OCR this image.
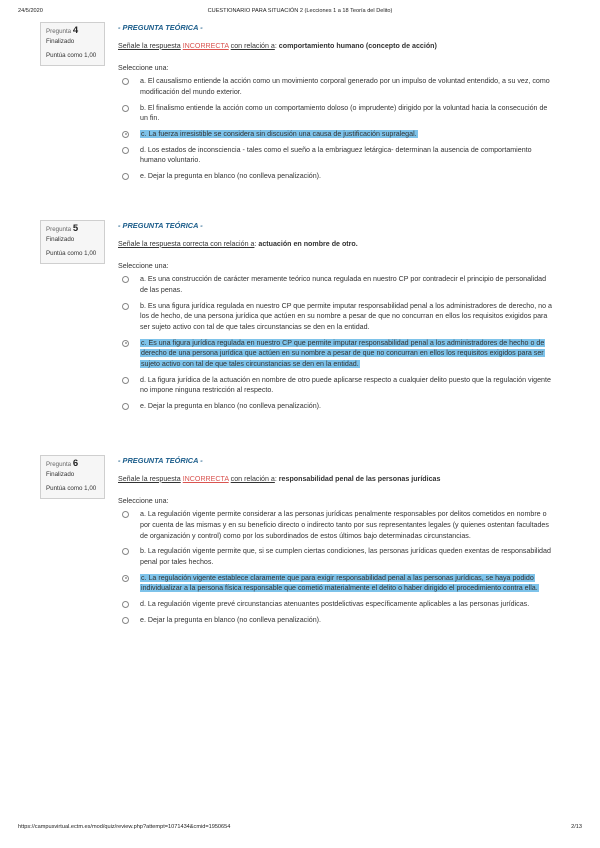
24/5/2020	CUESTIONARIO PARA SITUACIÓN 2 (Lecciones 1 a 18 Teoría del Delito)
Pregunta 4
Finalizado
Puntúa como 1,00
- PREGUNTA TEÓRICA -
Señale la respuesta INCORRECTA con relación a: comportamiento humano (concepto de acción)
Seleccione una:
a. El causalismo entiende la acción como un movimiento corporal generado por un impulso de voluntad entendido, a su vez, como modificación del mundo exterior.
b. El finalismo entiende la acción como un comportamiento doloso (o imprudente) dirigido por la voluntad hacia la consecución de un fin.
c. La fuerza irresistible se considera sin discusión una causa de justificación supralegal.
d. Los estados de inconsciencia - tales como el sueño a la embriaguez letárgica- determinan la ausencia de comportamiento humano voluntario.
e. Dejar la pregunta en blanco (no conlleva penalización).
Pregunta 5
Finalizado
Puntúa como 1,00
- PREGUNTA TEÓRICA -
Señale la respuesta correcta con relación a: actuación en nombre de otro.
Seleccione una:
a. Es una construcción de carácter meramente teórico nunca regulada en nuestro CP por contradecir el principio de personalidad de las penas.
b. Es una figura jurídica regulada en nuestro CP que permite imputar responsabilidad penal a los administradores de derecho, no a los de hecho, de una persona jurídica que actúen en su nombre a pesar de que no concurran en ellos los requisitos exigidos para ser sujeto activo con tal de que tales circunstancias se den en la entidad.
c. Es una figura jurídica regulada en nuestro CP que permite imputar responsabilidad penal a los administradores de hecho o de derecho de una persona jurídica que actúen en su nombre a pesar de que no concurran en ellos los requisitos exigidos para ser sujeto activo con tal de que tales circunstancias se den en la entidad.
d. La figura jurídica de la actuación en nombre de otro puede aplicarse respecto a cualquier delito puesto que la regulación vigente no impone ninguna restricción al respecto.
e. Dejar la pregunta en blanco (no conlleva penalización).
Pregunta 6
Finalizado
Puntúa como 1,00
- PREGUNTA TEÓRICA -
Señale la respuesta INCORRECTA con relación a: responsabilidad penal de las personas jurídicas
Seleccione una:
a. La regulación vigente permite considerar a las personas jurídicas penalmente responsables por delitos cometidos en nombre o por cuenta de las mismas y en su beneficio directo o indirecto tanto por sus representantes legales (y quienes ostentan facultades de organización y control) como por los subordinados de estos últimos bajo determinadas circunstancias.
b. La regulación vigente permite que, si se cumplen ciertas condiciones, las personas jurídicas queden exentas de responsabilidad penal por tales hechos.
c. La regulación vigente establece claramente que para exigir responsabilidad penal a las personas jurídicas, se haya podido individualizar a la persona física responsable que cometió materialmente el delito o haber dirigido el procedimiento contra ella.
d. La regulación vigente prevé circunstancias atenuantes postdelictivas específicamente aplicables a las personas jurídicas.
e. Dejar la pregunta en blanco (no conlleva penalización).
https://campusvirtual.ectm.es/mod/quiz/review.php?attempt=1071434&cmid=1950654	2/13
